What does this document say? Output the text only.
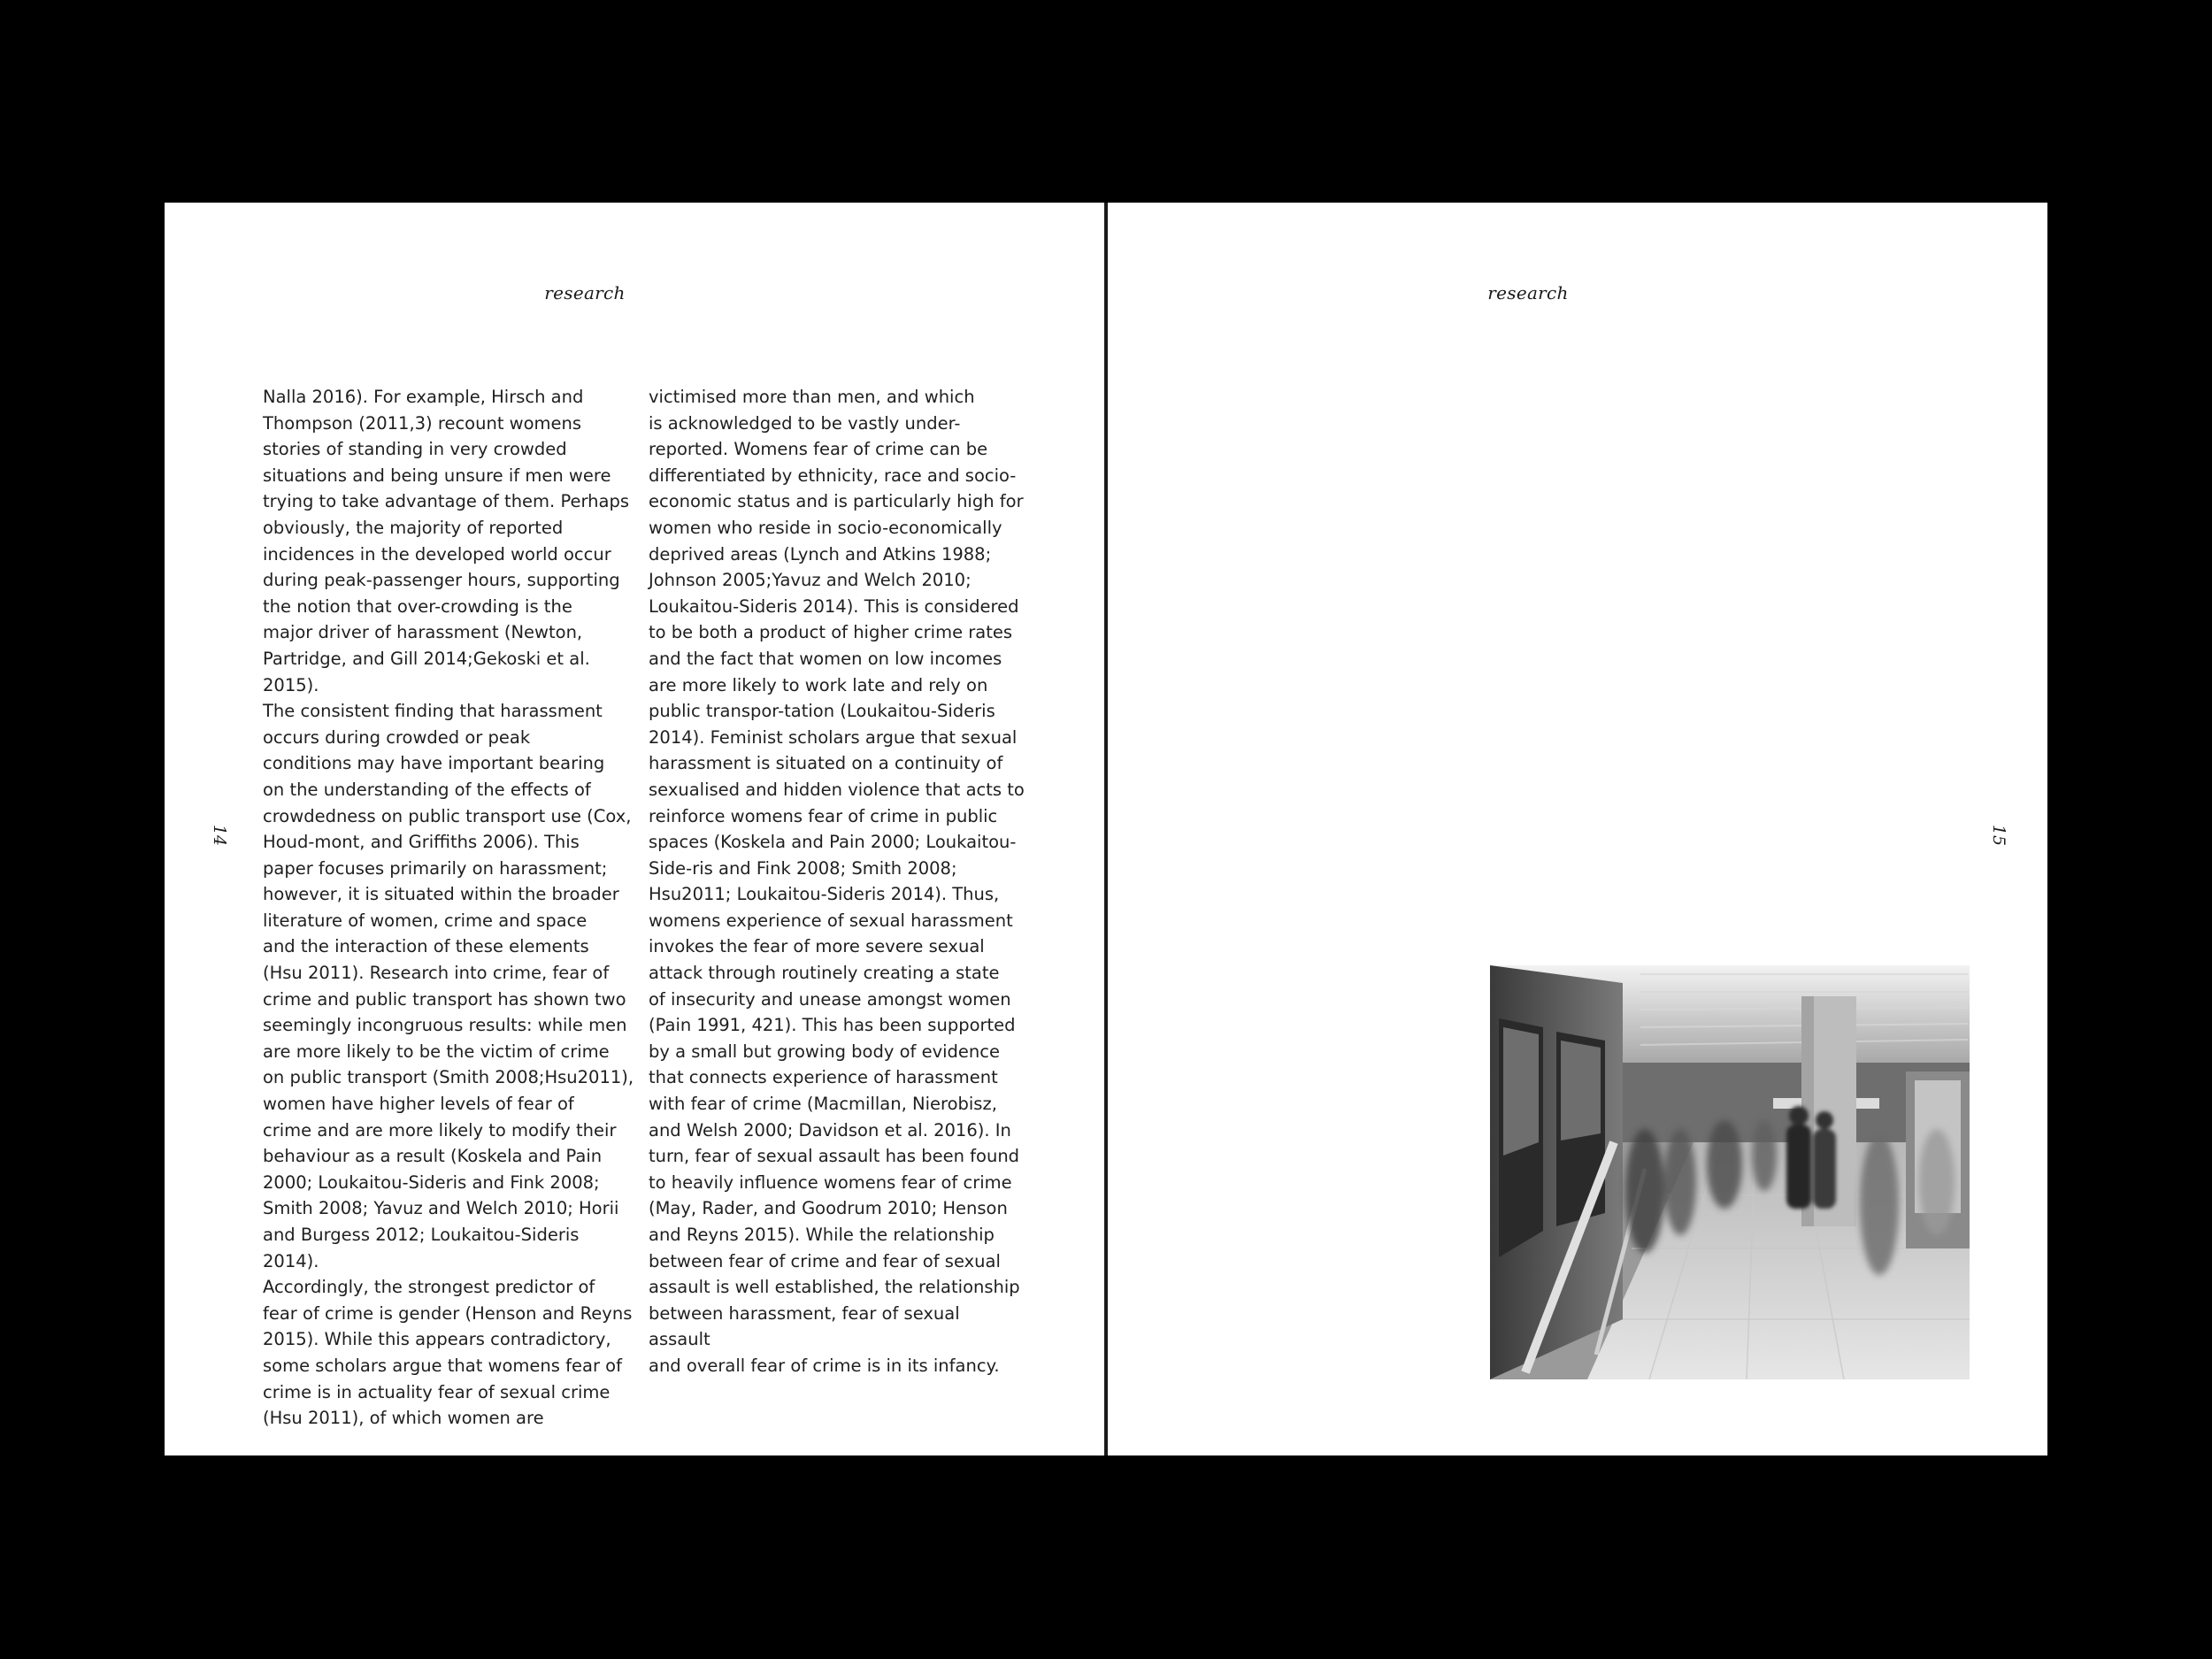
research
14
Nalla 2016). For example, Hirsch and
Thompson (2011,3) recount womens
stories of standing in very crowded
situations and being unsure if men were
trying to take advantage of them. Perhaps
obviously, the majority of reported
incidences in the developed world occur
during peak-passenger hours, supporting
the notion that over-crowding is the
major driver of harassment (Newton,
Partridge, and Gill 2014;Gekoski et al. 2015).
The consistent finding that harassment
occurs during crowded or peak
conditions may have important bearing
on the understanding of the effects of
crowdedness on public transport use (Cox,
Houd-mont, and Griffiths 2006). This
paper focuses primarily on harassment;
however, it is situated within the broader
literature of women, crime and space
and the interaction of these elements
(Hsu 2011). Research into crime, fear of
crime and public transport has shown two
seemingly incongruous results: while men
are more likely to be the victim of crime
on public transport (Smith 2008;Hsu2011),
women have higher levels of fear of
crime and are more likely to modify their
behaviour as a result (Koskela and Pain
2000; Loukaitou-Sideris and Fink 2008;
Smith 2008; Yavuz and Welch 2010; Horii
and Burgess 2012; Loukaitou-Sideris 2014).
Accordingly, the strongest predictor of
fear of crime is gender (Henson and Reyns
2015). While this appears contradictory,
some scholars argue that womens fear of
crime is in actuality fear of sexual crime
(Hsu 2011), of which women are
victimised more than men, and which
is acknowledged to be vastly under-
reported. Womens fear of crime can be
differentiated by ethnicity, race and socio-
economic status and is particularly high for
women who reside in socio-economically
deprived areas (Lynch and Atkins 1988;
Johnson 2005;Yavuz and Welch 2010;
Loukaitou-Sideris 2014). This is considered
to be both a product of higher crime rates
and the fact that women on low incomes
are more likely to work late and rely on
public transpor-tation (Loukaitou-Sideris
2014). Feminist scholars argue that sexual
harassment is situated on a continuity of
sexualised and hidden violence that acts to
reinforce womens fear of crime in public
spaces (Koskela and Pain 2000; Loukaitou-
Side-ris and Fink 2008; Smith 2008;
Hsu2011; Loukaitou-Sideris 2014). Thus,
womens experience of sexual harassment
invokes the fear of more severe sexual
attack through routinely creating a state
of insecurity and unease amongst women
(Pain 1991, 421). This has been supported
by a small but growing body of evidence
that connects experience of harassment
with fear of crime (Macmillan, Nierobisz,
and Welsh 2000; Davidson et al. 2016). In
turn, fear of sexual assault has been found
to heavily influence womens fear of crime
(May, Rader, and Goodrum 2010; Henson
and Reyns 2015). While the relationship
between fear of crime and fear of sexual
assault is well established, the relationship
between harassment, fear of sexual assault
and overall fear of crime is in its infancy.
research
15
